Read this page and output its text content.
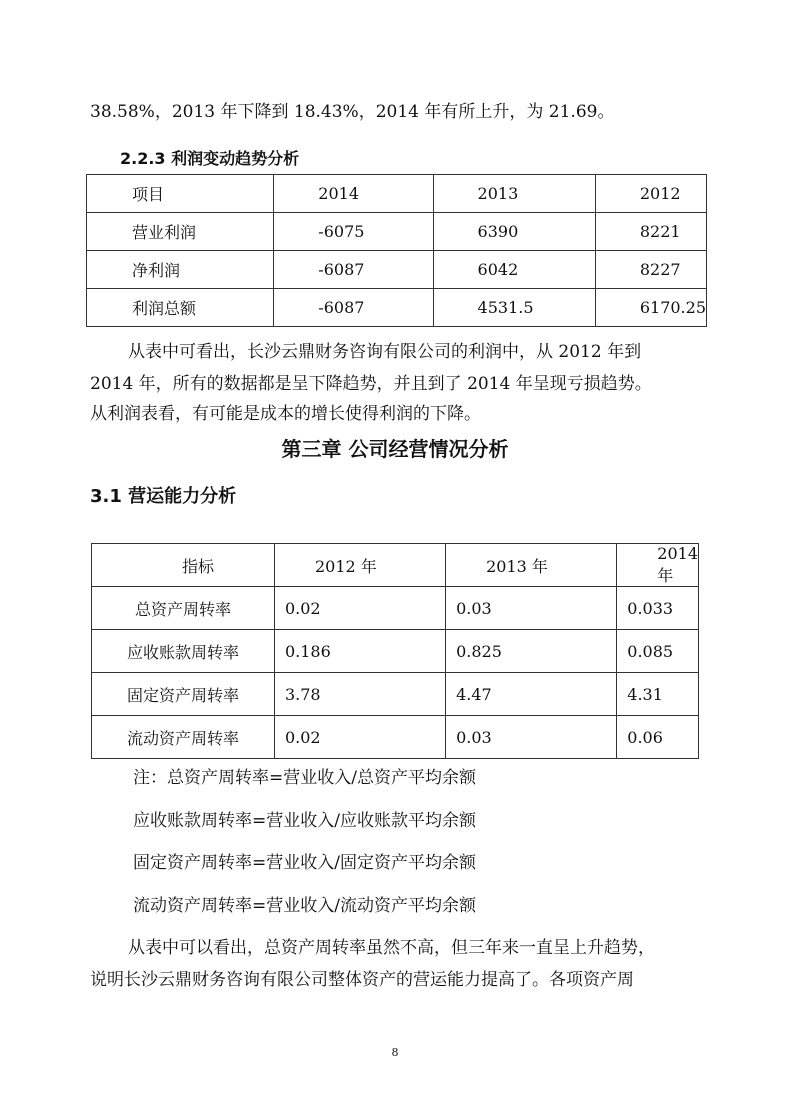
38.58%，2013 年下降到 18.43%，2014 年有所上升，为 21.69。
2.2.3 利润变动趋势分析
项目	2014	2013	2012
营业利润	-6075	6390	8221
净利润	-6087	6042	8227
利润总额	-6087	4531.5	6170.25
从表中可看出，长沙云鼎财务咨询有限公司的利润中，从 2012 年到
2014 年，所有的数据都是呈下降趋势，并且到了 2014 年呈现亏损趋势。
从利润表看，有可能是成本的增长使得利润的下降。
第三章 公司经营情况分析
3.1 营运能力分析
指标	2012 年	2013 年	2014 年
总资产周转率	0.02	0.03	0.033
应收账款周转率	0.186	0.825	0.085
固定资产周转率	3.78	4.47	4.31
流动资产周转率	0.02	0.03	0.06
注：总资产周转率=营业收入/总资产平均余额
应收账款周转率=营业收入/应收账款平均余额
固定资产周转率=营业收入/固定资产平均余额
流动资产周转率=营业收入/流动资产平均余额
从表中可以看出，总资产周转率虽然不高，但三年来一直呈上升趋势，
说明长沙云鼎财务咨询有限公司整体资产的营运能力提高了。各项资产周
8
